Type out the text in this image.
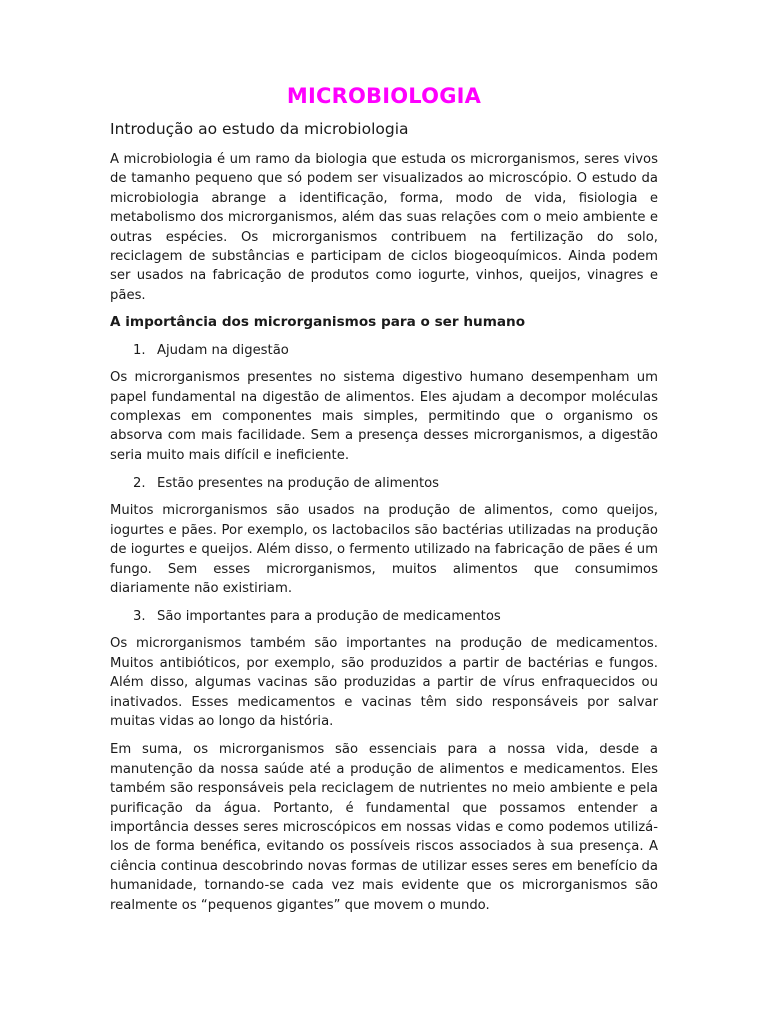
MICROBIOLOGIA
Introdução ao estudo da microbiologia

A microbiologia é um ramo da biologia que estuda os microrganismos, seres vivos de tamanho pequeno que só podem ser visualizados ao microscópio. O estudo da microbiologia abrange a identificação, forma, modo de vida, fisiologia e metabolismo dos microrganismos, além das suas relações com o meio ambiente e outras espécies. Os microrganismos contribuem na fertilização do solo, reciclagem de substâncias e participam de ciclos biogeoquímicos. Ainda podem ser usados na fabricação de produtos como iogurte, vinhos, queijos, vinagres e pães.

A importância dos microrganismos para o ser humano
1. Ajudam na digestão

Os microrganismos presentes no sistema digestivo humano desempenham um papel fundamental na digestão de alimentos. Eles ajudam a decompor moléculas complexas em componentes mais simples, permitindo que o organismo os absorva com mais facilidade. Sem a presença desses microrganismos, a digestão seria muito mais difícil e ineficiente.

2. Estão presentes na produção de alimentos

Muitos microrganismos são usados na produção de alimentos, como queijos, iogurtes e pães. Por exemplo, os lactobacilos são bactérias utilizadas na produção de iogurtes e queijos. Além disso, o fermento utilizado na fabricação de pães é um fungo. Sem esses microrganismos, muitos alimentos que consumimos diariamente não existiriam.

3. São importantes para a produção de medicamentos

Os microrganismos também são importantes na produção de medicamentos. Muitos antibióticos, por exemplo, são produzidos a partir de bactérias e fungos. Além disso, algumas vacinas são produzidas a partir de vírus enfraquecidos ou inativados. Esses medicamentos e vacinas têm sido responsáveis por salvar muitas vidas ao longo da história.

Em suma, os microrganismos são essenciais para a nossa vida, desde a manutenção da nossa saúde até a produção de alimentos e medicamentos. Eles também são responsáveis pela reciclagem de nutrientes no meio ambiente e pela purificação da água. Portanto, é fundamental que possamos entender a importância desses seres microscópicos em nossas vidas e como podemos utilizá-los de forma benéfica, evitando os possíveis riscos associados à sua presença. A ciência continua descobrindo novas formas de utilizar esses seres em benefício da humanidade, tornando-se cada vez mais evidente que os microrganismos são realmente os “pequenos gigantes” que movem o mundo.
